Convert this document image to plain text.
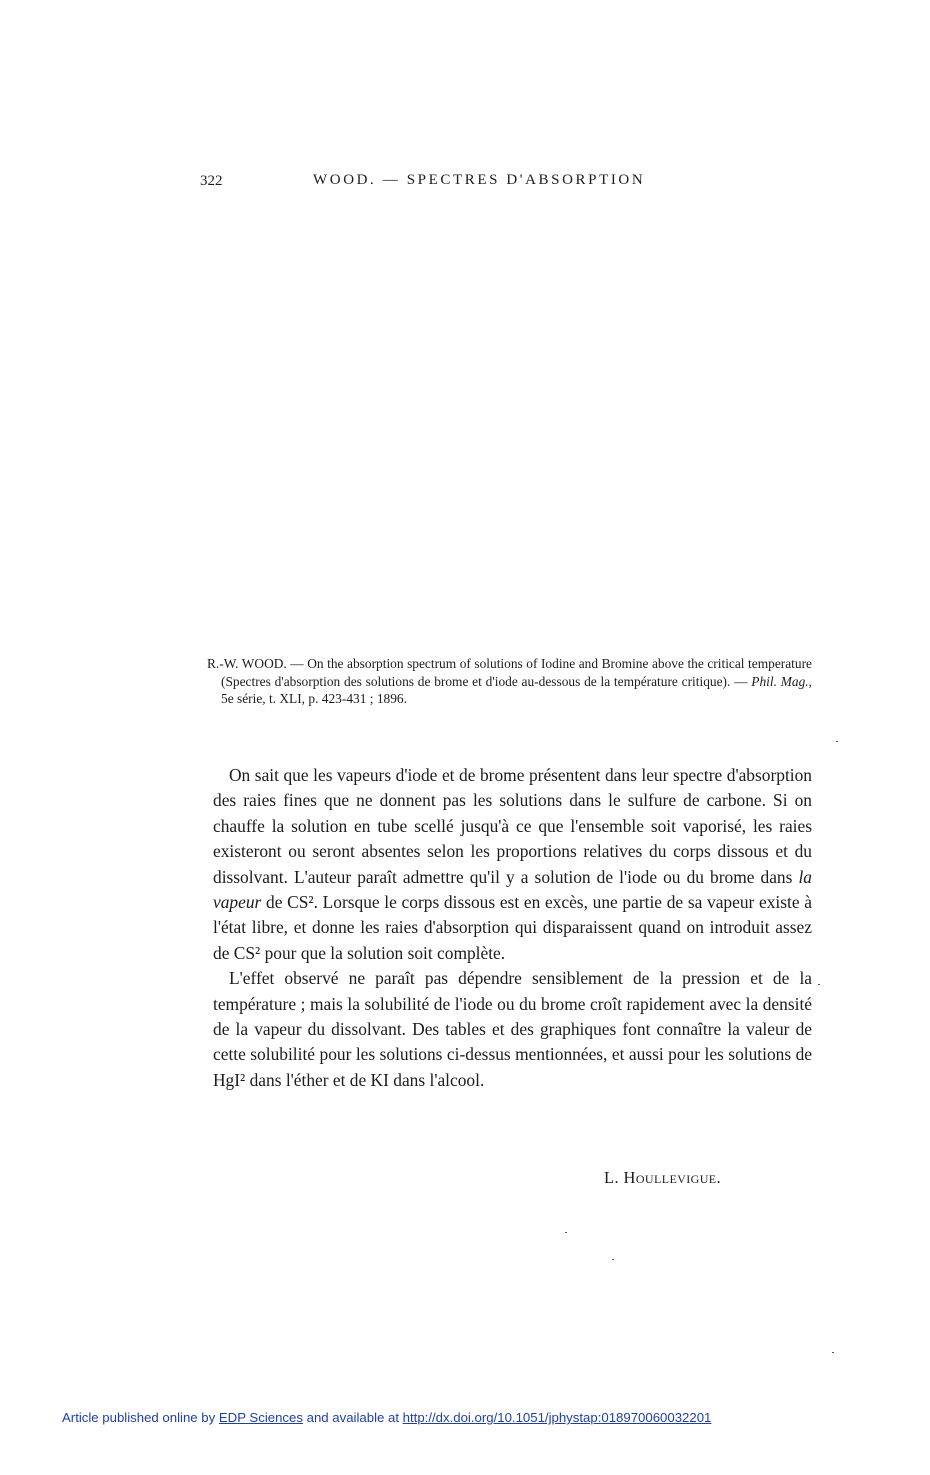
322	WOOD. — SPECTRES D'ABSORPTION
R.-W. WOOD. — On the absorption spectrum of solutions of Iodine and Bromine above the critical temperature (Spectres d'absorption des solutions de brome et d'iode au-dessous de la température critique). — Phil. Mag., 5e série, t. XLI, p. 423-431 ; 1896.

On sait que les vapeurs d'iode et de brome présentent dans leur spectre d'absorption des raies fines que ne donnent pas les solutions dans le sulfure de carbone. Si on chauffe la solution en tube scellé jusqu'à ce que l'ensemble soit vaporisé, les raies existeront ou seront absentes selon les proportions relatives du corps dissous et du dissolvant. L'auteur paraît admettre qu'il y a solution de l'iode ou du brome dans la vapeur de CS². Lorsque le corps dissous est en excès, une partie de sa vapeur existe à l'état libre, et donne les raies d'absorption qui disparaissent quand on introduit assez de CS² pour que la solution soit complète.

L'effet observé ne paraît pas dépendre sensiblement de la pression et de la température ; mais la solubilité de l'iode ou du brome croît rapidement avec la densité de la vapeur du dissolvant. Des tables et des graphiques font connaître la valeur de cette solubilité pour les solutions ci-dessus mentionnées, et aussi pour les solutions de HgI² dans l'éther et de KI dans l'alcool.

L. Houllevigue.
Article published online by EDP Sciences and available at http://dx.doi.org/10.1051/jphystap:018970060032201
